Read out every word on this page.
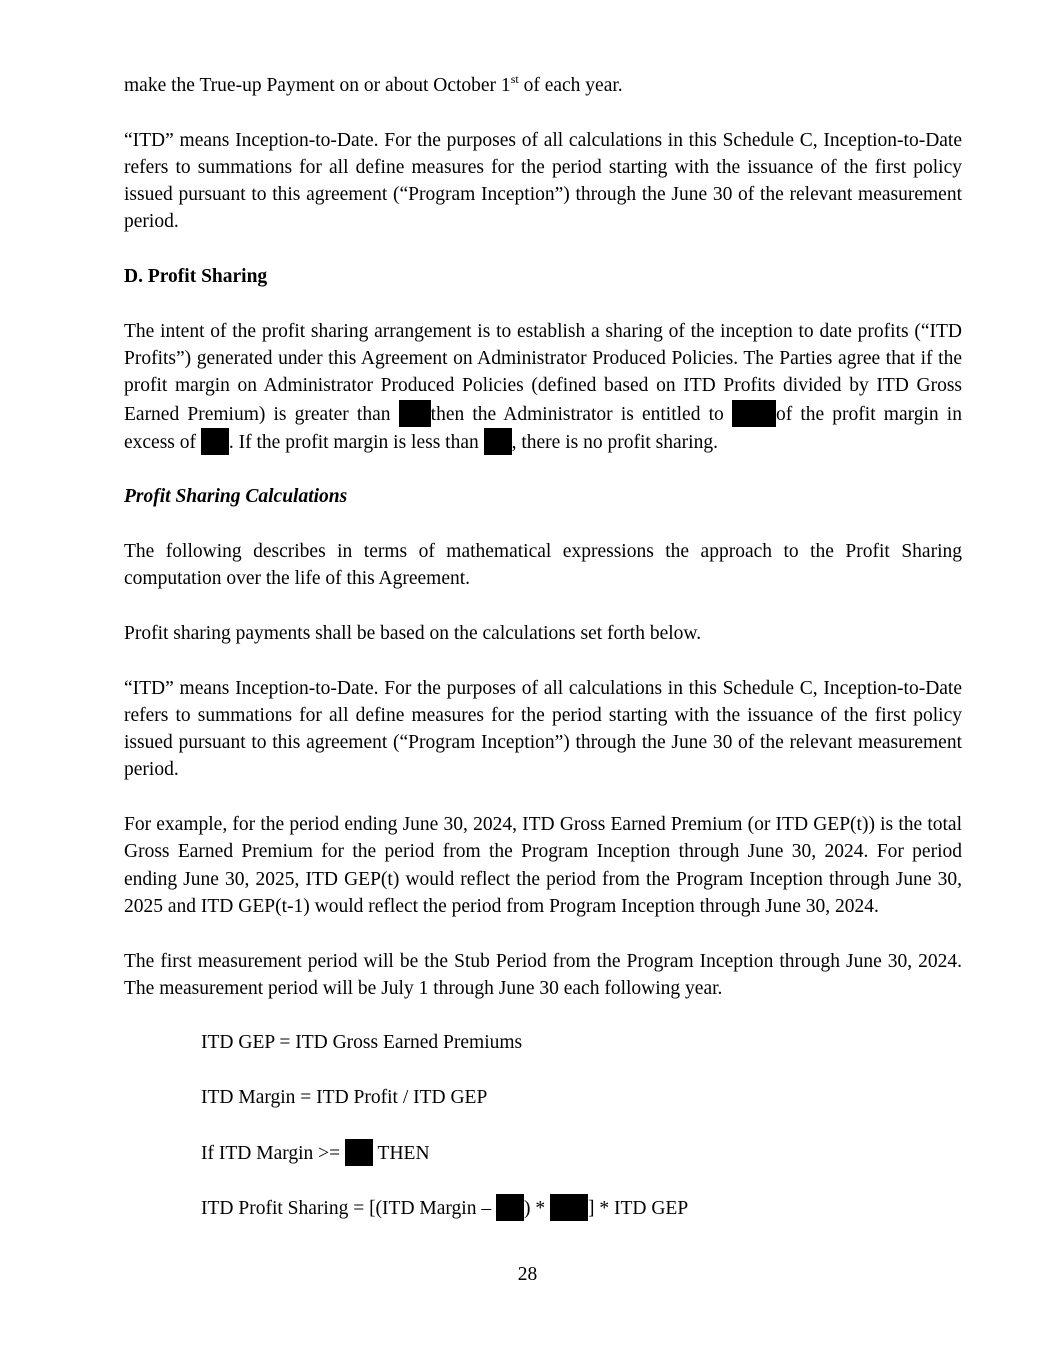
make the True-up Payment on or about October 1st of each year.

“ITD” means Inception-to-Date. For the purposes of all calculations in this Schedule C, Inception-to-Date refers to summations for all define measures for the period starting with the issuance of the first policy issued pursuant to this agreement (“Program Inception”) through the June 30 of the relevant measurement period.

D. Profit Sharing

The intent of the profit sharing arrangement is to establish a sharing of the inception to date profits (“ITD Profits”) generated under this Agreement on Administrator Produced Policies. The Parties agree that if the profit margin on Administrator Produced Policies (defined based on ITD Profits divided by ITD Gross Earned Premium) is greater than then the Administrator is entitled to of the profit margin in excess of . If the profit margin is less than , there is no profit sharing.

Profit Sharing Calculations

The following describes in terms of mathematical expressions the approach to the Profit Sharing computation over the life of this Agreement.

Profit sharing payments shall be based on the calculations set forth below.

“ITD” means Inception-to-Date. For the purposes of all calculations in this Schedule C, Inception-to-Date refers to summations for all define measures for the period starting with the issuance of the first policy issued pursuant to this agreement (“Program Inception”) through the June 30 of the relevant measurement period.

For example, for the period ending June 30, 2024, ITD Gross Earned Premium (or ITD GEP(t)) is the total Gross Earned Premium for the period from the Program Inception through June 30, 2024. For period ending June 30, 2025, ITD GEP(t) would reflect the period from the Program Inception through June 30, 2025 and ITD GEP(t-1) would reflect the period from Program Inception through June 30, 2024.

The first measurement period will be the Stub Period from the Program Inception through June 30, 2024. The measurement period will be July 1 through June 30 each following year.

ITD GEP = ITD Gross Earned Premiums

ITD Margin = ITD Profit / ITD GEP

If ITD Margin >=  THEN

ITD Profit Sharing = [(ITD Margin – ) * ] * ITD GEP

28
